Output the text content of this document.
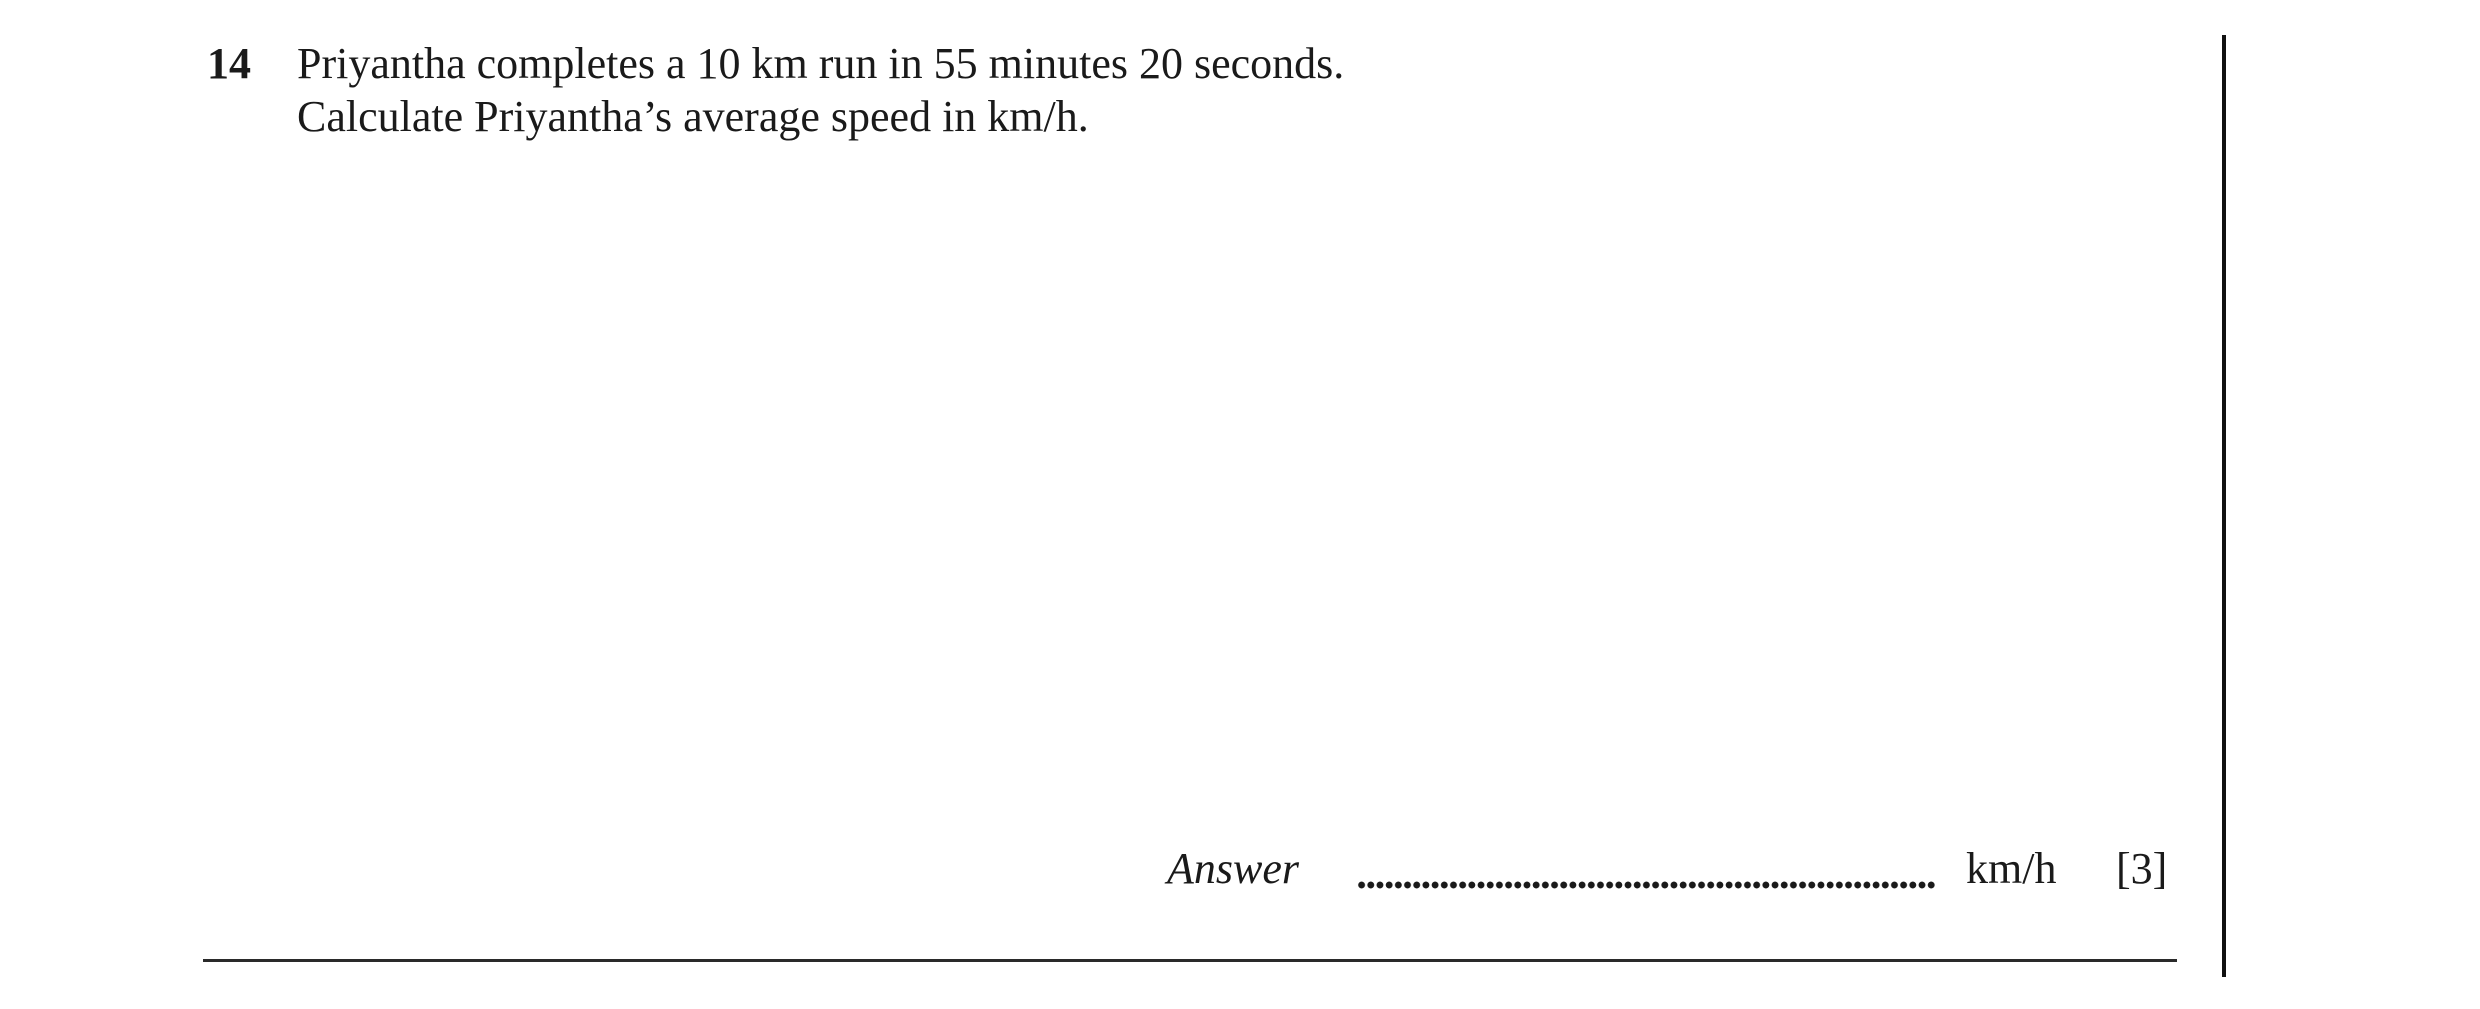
14 Priyantha completes a 10 km run in 55 minutes 20 seconds.
Calculate Priyantha’s average speed in km/h.
Answer	km/h [3]
